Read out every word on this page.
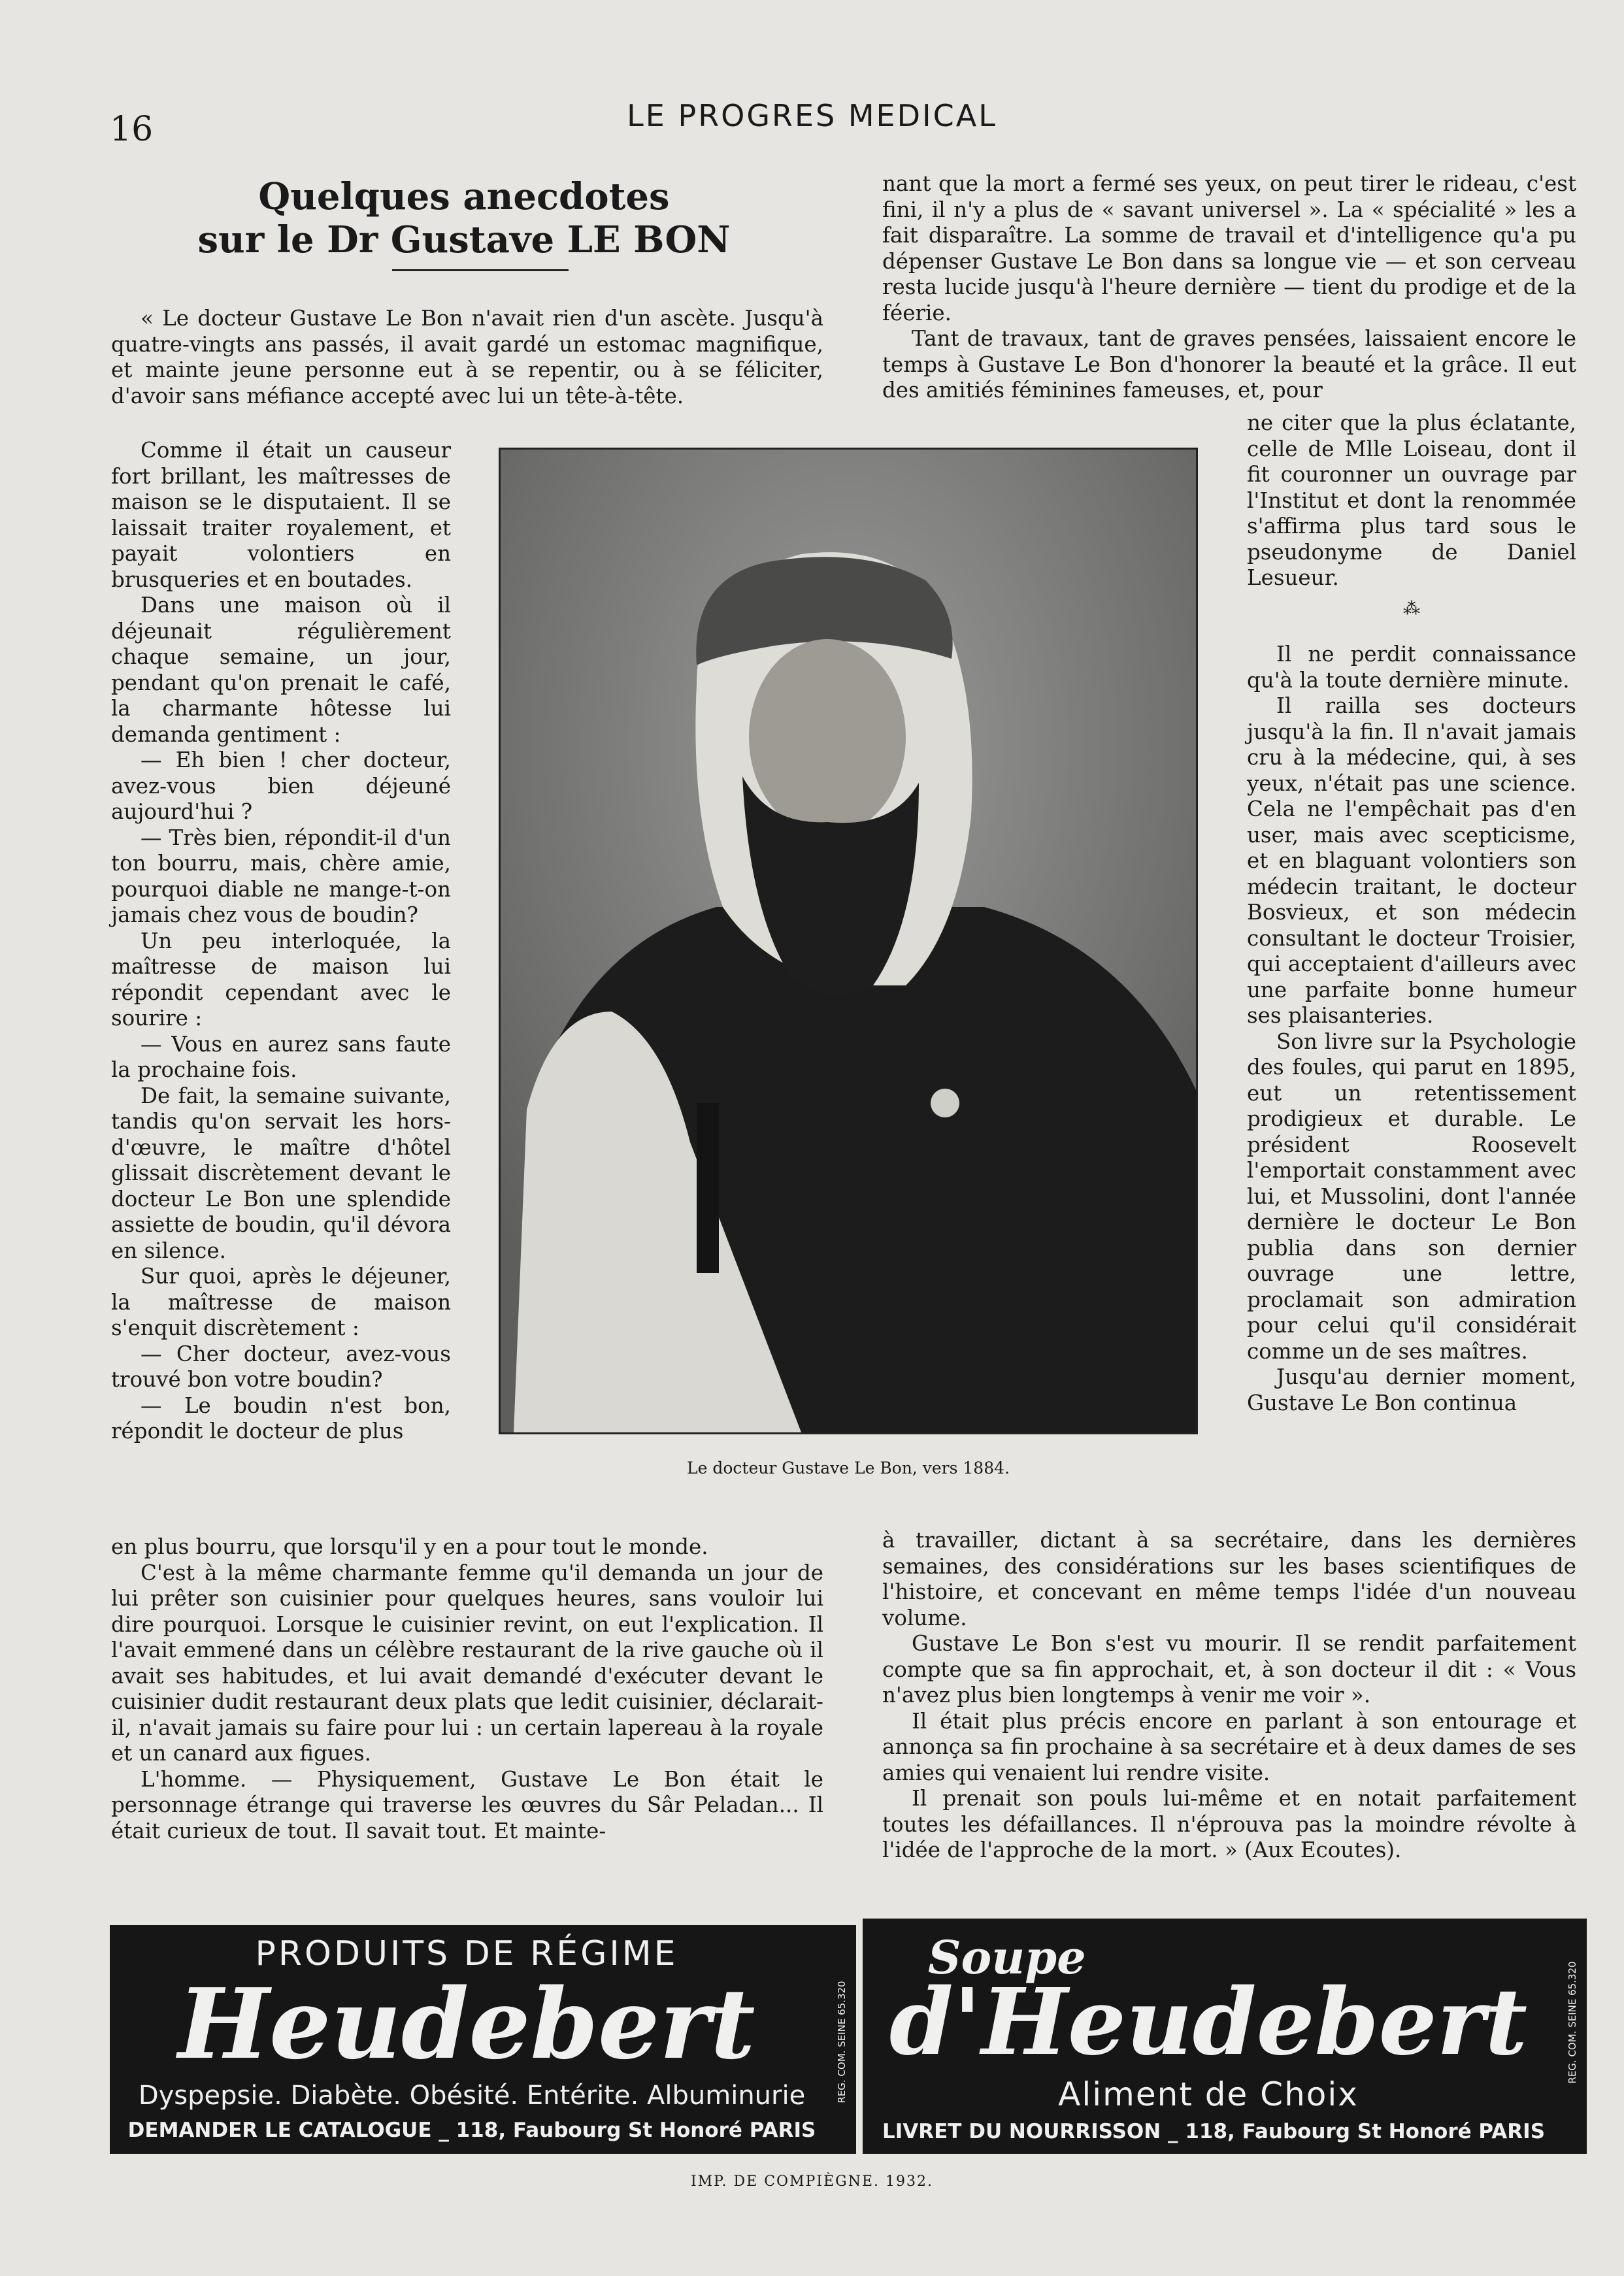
16	LE PROGRES MEDICAL
Quelques anecdotes
sur le Dr Gustave LE BON

« Le docteur Gustave Le Bon n'avait rien d'un ascète. Jusqu'à quatre-vingts ans passés, il avait gardé un estomac magnifique, et mainte jeune personne eut à se repentir, ou à se féliciter, d'avoir sans méfiance accepté avec lui un tête-à-tête.

Comme il était un causeur fort brillant, les maîtresses de maison se le disputaient. Il se laissait traiter royalement, et payait volontiers en brusqueries et en boutades.

Dans une maison où il déjeunait régulièrement chaque semaine, un jour, pendant qu'on prenait le café, la charmante hôtesse lui demanda gentiment :

— Eh bien ! cher docteur, avez-vous bien déjeuné aujourd'hui ?

— Très bien, répondit-il d'un ton bourru, mais, chère amie, pourquoi diable ne mange-t-on jamais chez vous de boudin?

Un peu interloquée, la maîtresse de maison lui répondit cependant avec le sourire :

— Vous en aurez sans faute la prochaine fois.

De fait, la semaine suivante, tandis qu'on servait les hors-d'œuvre, le maître d'hôtel glissait discrètement devant le docteur Le Bon une splendide assiette de boudin, qu'il dévora en silence.

Sur quoi, après le déjeuner, la maîtresse de maison s'enquit discrètement :

— Cher docteur, avez-vous trouvé bon votre boudin?

— Le boudin n'est bon, répondit le docteur de plus

en plus bourru, que lorsqu'il y en a pour tout le monde.

C'est à la même charmante femme qu'il demanda un jour de lui prêter son cuisinier pour quelques heures, sans vouloir lui dire pourquoi. Lorsque le cuisinier revint, on eut l'explication. Il l'avait emmené dans un célèbre restaurant de la rive gauche où il avait ses habitudes, et lui avait demandé d'exécuter devant le cuisinier dudit restaurant deux plats que ledit cuisinier, déclarait-il, n'avait jamais su faire pour lui : un certain lapereau à la royale et un canard aux figues.

L'homme. — Physiquement, Gustave Le Bon était le personnage étrange qui traverse les œuvres du Sâr Peladan... Il était curieux de tout. Il savait tout. Et mainte-

nant que la mort a fermé ses yeux, on peut tirer le rideau, c'est fini, il n'y a plus de « savant universel ». La « spécialité » les a fait disparaître. La somme de travail et d'intelligence qu'a pu dépenser Gustave Le Bon dans sa longue vie — et son cerveau resta lucide jusqu'à l'heure dernière — tient du prodige et de la féerie.

Tant de travaux, tant de graves pensées, laissaient encore le temps à Gustave Le Bon d'honorer la beauté et la grâce. Il eut des amitiés féminines fameuses, et, pour

ne citer que la plus éclatante, celle de Mlle Loiseau, dont il fit couronner un ouvrage par l'Institut et dont la renommée s'affirma plus tard sous le pseudonyme de Daniel Lesueur.

⁂

Il ne perdit connaissance qu'à la toute dernière minute.

Il railla ses docteurs jusqu'à la fin. Il n'avait jamais cru à la médecine, qui, à ses yeux, n'était pas une science. Cela ne l'empêchait pas d'en user, mais avec scepticisme, et en blaguant volontiers son médecin traitant, le docteur Bosvieux, et son médecin consultant le docteur Troisier, qui acceptaient d'ailleurs avec une parfaite bonne humeur ses plaisanteries.

Son livre sur la Psychologie des foules, qui parut en 1895, eut un retentissement prodigieux et durable. Le président Roosevelt l'emportait constamment avec lui, et Mussolini, dont l'année dernière le docteur Le Bon publia dans son dernier ouvrage une lettre, proclamait son admiration pour celui qu'il considérait comme un de ses maîtres.

Jusqu'au dernier moment, Gustave Le Bon continua

à travailler, dictant à sa secrétaire, dans les dernières semaines, des considérations sur les bases scientifiques de l'histoire, et concevant en même temps l'idée d'un nouveau volume.

Gustave Le Bon s'est vu mourir. Il se rendit parfaitement compte que sa fin approchait, et, à son docteur il dit : « Vous n'avez plus bien longtemps à venir me voir ».

Il était plus précis encore en parlant à son entourage et annonça sa fin prochaine à sa secrétaire et à deux dames de ses amies qui venaient lui rendre visite.

Il prenait son pouls lui-même et en notait parfaitement toutes les défaillances. Il n'éprouva pas la moindre révolte à l'idée de l'approche de la mort. » (Aux Ecoutes).

Le docteur Gustave Le Bon, vers 1884.
PRODUITS DE RÉGIME
Heudebert
Dyspepsie. Diabète. Obésité. Entérite. Albuminurie
DEMANDER LE CATALOGUE _ 118, Faubourg St Honoré PARIS
REG. COM. SEINE 65.320
Soupe
d'Heudebert
Aliment de Choix
LIVRET DU NOURRISSON _ 118, Faubourg St Honoré PARIS
REG. COM. SEINE 65.320
IMP. DE COMPIÈGNE. 1932.
